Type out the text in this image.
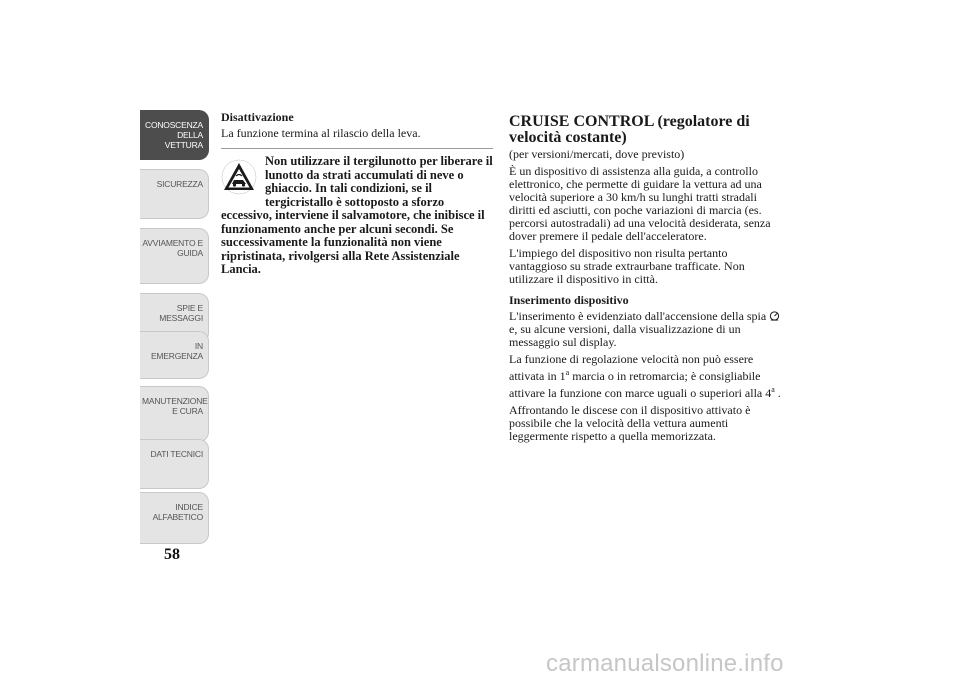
CONOSCENZA DELLA VETTURA
SICUREZZA
AVVIAMENTO E GUIDA
SPIE E MESSAGGI
IN EMERGENZA
MANUTENZIONE E CURA
DATI TECNICI
INDICE ALFABETICO
58
Disattivazione

La funzione termina al rilascio della leva.

Non utilizzare il tergilunotto per liberare il lunotto da strati accumulati di neve o ghiaccio. In tali condizioni, se il tergicristallo è sottoposto a sforzo eccessivo, interviene il salvamotore, che inibisce il funzionamento anche per alcuni secondi. Se successivamente la funzionalità non viene ripristinata, rivolgersi alla Rete Assistenziale Lancia.
CRUISE CONTROL (regolatore di velocità costante)

(per versioni/mercati, dove previsto)

È un dispositivo di assistenza alla guida, a controllo elettronico, che permette di guidare la vettura ad una velocità superiore a 30 km/h su lunghi tratti stradali diritti ed asciutti, con poche variazioni di marcia (es. percorsi autostradali) ad una velocità desiderata, senza dover premere il pedale dell'acceleratore.

L'impiego del dispositivo non risulta pertanto vantaggioso su strade extraurbane trafficate. Non utilizzare il dispositivo in città.

Inserimento dispositivo

L'inserimento è evidenziato dall'accensione della spia  e, su alcune versioni, dalla visualizzazione di un messaggio sul display.

La funzione di regolazione velocità non può essere attivata in 1$^a$ marcia o in retromarcia; è consigliabile attivare la funzione con marce uguali o superiori alla 4$^a$ .

Affrontando le discese con il dispositivo attivato è possibile che la velocità della vettura aumenti leggermente rispetto a quella memorizzata.

carmanualsonline.info
